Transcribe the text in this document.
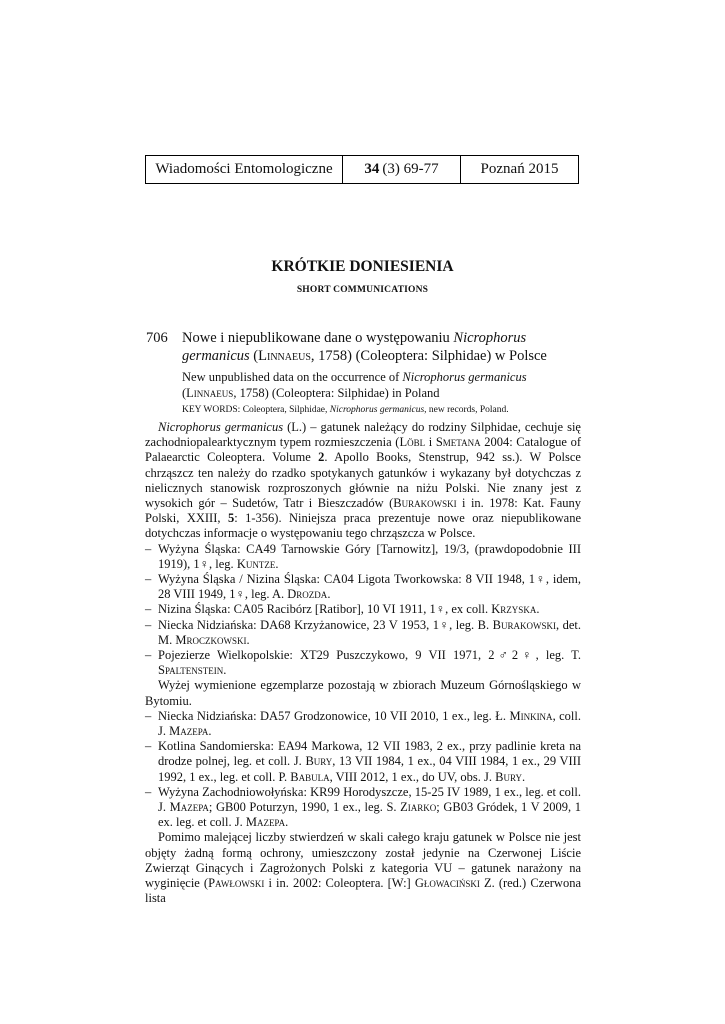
Wiadomości Entomologiczne	34 (3) 69-77	Poznań 2015
KRÓTKIE DONIESIENIA
SHORT COMMUNICATIONS
706 Nowe i niepublikowane dane o występowaniu Nicrophorus germanicus (Linnaeus, 1758) (Coleoptera: Silphidae) w Polsce
New unpublished data on the occurrence of Nicrophorus germanicus (Linnaeus, 1758) (Coleoptera: Silphidae) in Poland
KEY WORDS: Coleoptera, Silphidae, Nicrophorus germanicus, new records, Poland.

Nicrophorus germanicus (L.) – gatunek należący do rodziny Silphidae, cechuje się zachodniopalearktycznym typem rozmieszczenia (Löbl i Smetana 2004: Catalogue of Palaearctic Coleoptera. Volume 2. Apollo Books, Stenstrup, 942 ss.). W Polsce chrząszcz ten należy do rzadko spotykanych gatunków i wykazany był dotychczas z nielicznych stanowisk rozproszonych głównie na niżu Polski. Nie znany jest z wysokich gór – Sudetów, Tatr i Bieszczadów (Burakowski i in. 1978: Kat. Fauny Polski, XXIII, 5: 1-356). Niniejsza praca prezentuje nowe oraz niepublikowane dotychczas informacje o występowaniu tego chrząszcza w Polsce.

– Wyżyna Śląska: CA49 Tarnowskie Góry [Tarnowitz], 19/3, (prawdopodobnie III 1919), 1♀, leg. Kuntze.
– Wyżyna Śląska / Nizina Śląska: CA04 Ligota Tworkowska: 8 VII 1948, 1♀, idem, 28 VIII 1949, 1♀, leg. A. Drozda.
– Nizina Śląska: CA05 Racibórz [Ratibor], 10 VI 1911, 1♀, ex coll. Krzyska.
– Niecka Nidziańska: DA68 Krzyżanowice, 23 V 1953, 1♀, leg. B. Burakowski, det. M. Mroczkowski.
– Pojezierze Wielkopolskie: XT29 Puszczykowo, 9 VII 1971, 2♂2♀, leg. T. Spaltenstein.

Wyżej wymienione egzemplarze pozostają w zbiorach Muzeum Górnośląskiego w Bytomiu.

– Niecka Nidziańska: DA57 Grodzonowice, 10 VII 2010, 1 ex., leg. Ł. Minkina, coll. J. Mazepa.
– Kotlina Sandomierska: EA94 Markowa, 12 VII 1983, 2 ex., przy padlinie kreta na drodze polnej, leg. et coll. J. Bury, 13 VII 1984, 1 ex., 04 VIII 1984, 1 ex., 29 VIII 1992, 1 ex., leg. et coll. P. Babula, VIII 2012, 1 ex., do UV, obs. J. Bury.
– Wyżyna Zachodniowołyńska: KR99 Horodyszcze, 15-25 IV 1989, 1 ex., leg. et coll. J. Mazepa; GB00 Poturzyn, 1990, 1 ex., leg. S. Ziarko; GB03 Gródek, 1 V 2009, 1 ex. leg. et coll. J. Mazepa.

Pomimo malejącej liczby stwierdzeń w skali całego kraju gatunek w Polsce nie jest objęty żadną formą ochrony, umieszczony został jedynie na Czerwonej Liście Zwierząt Ginących i Zagrożonych Polski z kategoria VU – gatunek narażony na wyginięcie (Pawłowski i in. 2002: Coleoptera. [W:] Głowaciński Z. (red.) Czerwona lista
